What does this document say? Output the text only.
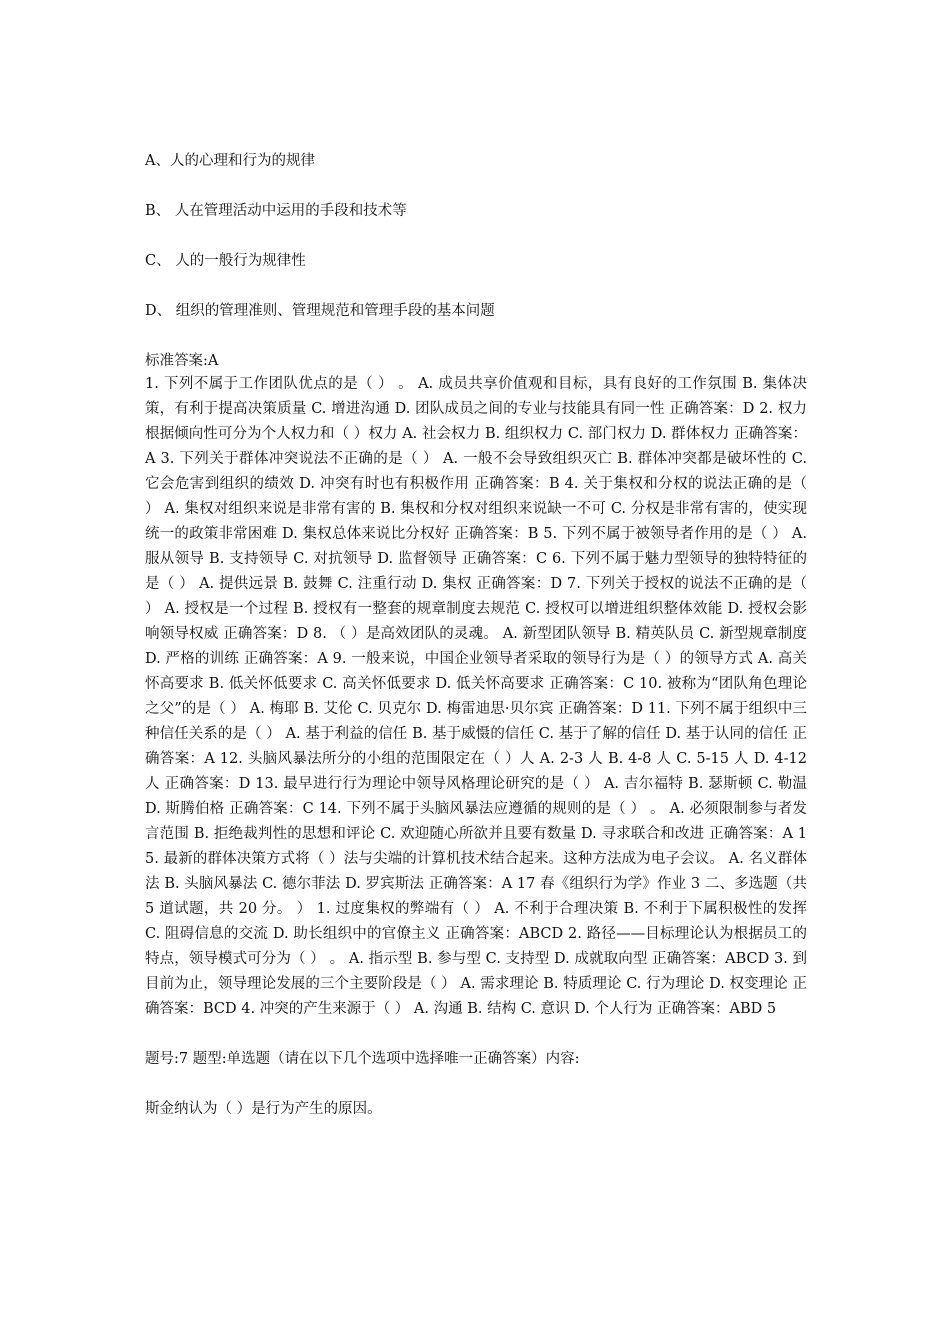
A、人的心理和行为的规律

B、 人在管理活动中运用的手段和技术等

C、 人的一般行为规律性

D、 组织的管理准则、管理规范和管理手段的基本问题

标准答案:A

1. 下列不属于工作团队优点的是（ ） 。 A. 成员共享价值观和目标，具有良好的工作氛围 B. 集体决策，有利于提高决策质量 C. 增进沟通 D. 团队成员之间的专业与技能具有同一性 正确答案：D 2. 权力根据倾向性可分为个人权力和（ ）权力 A. 社会权力 B. 组织权力 C. 部门权力 D. 群体权力 正确答案：A 3. 下列关于群体冲突说法不正确的是（ ） A. 一般不会导致组织灭亡 B. 群体冲突都是破坏性的 C. 它会危害到组织的绩效 D. 冲突有时也有积极作用 正确答案：B 4. 关于集权和分权的说法正确的是（ ） A. 集权对组织来说是非常有害的 B. 集权和分权对组织来说缺一不可 C. 分权是非常有害的，使实现统一的政策非常困难 D. 集权总体来说比分权好 正确答案：B 5. 下列不属于被领导者作用的是（ ） A. 服从领导 B. 支持领导 C. 对抗领导 D. 监督领导 正确答案：C 6. 下列不属于魅力型领导的独特特征的是（ ） A. 提供远景 B. 鼓舞 C. 注重行动 D. 集权 正确答案：D 7. 下列关于授权的说法不正确的是（ ） A. 授权是一个过程 B. 授权有一整套的规章制度去规范 C. 授权可以增进组织整体效能 D. 授权会影响领导权威 正确答案：D 8. （ ）是高效团队的灵魂。 A. 新型团队领导 B. 精英队员 C. 新型规章制度 D. 严格的训练 正确答案：A 9. 一般来说，中国企业领导者采取的领导行为是（ ）的领导方式 A. 高关怀高要求 B. 低关怀低要求 C. 高关怀低要求 D. 低关怀高要求 正确答案：C 10. 被称为“团队角色理论之父”的是（ ） A. 梅耶 B. 艾伦 C. 贝克尔 D. 梅雷迪思·贝尔宾 正确答案：D 11. 下列不属于组织中三种信任关系的是（ ） A. 基于利益的信任 B. 基于威慑的信任 C. 基于了解的信任 D. 基于认同的信任 正确答案：A 12. 头脑风暴法所分的小组的范围限定在（ ）人 A. 2-3 人 B. 4-8 人 C. 5-15 人 D. 4-12 人 正确答案：D 13. 最早进行行为理论中领导风格理论研究的是（ ） A. 吉尔福特 B. 瑟斯顿 C. 勒温 D. 斯腾伯格 正确答案：C 14. 下列不属于头脑风暴法应遵循的规则的是（ ） 。 A. 必须限制参与者发言范围 B. 拒绝裁判性的思想和评论 C. 欢迎随心所欲并且要有数量 D. 寻求联合和改进 正确答案：A 15. 最新的群体决策方式将（ ）法与尖端的计算机技术结合起来。这种方法成为电子会议。 A. 名义群体法 B. 头脑风暴法 C. 德尔菲法 D. 罗宾斯法 正确答案：A 17 春《组织行为学》作业 3 二、多选题（共 5 道试题，共 20 分。 ） 1. 过度集权的弊端有（ ） A. 不利于合理决策 B. 不利于下属积极性的发挥 C. 阻碍信息的交流 D. 助长组织中的官僚主义 正确答案：ABCD 2. 路径——目标理论认为根据员工的特点，领导模式可分为（ ） 。 A. 指示型 B. 参与型 C. 支持型 D. 成就取向型 正确答案：ABCD 3. 到目前为止，领导理论发展的三个主要阶段是（ ） A. 需求理论 B. 特质理论 C. 行为理论 D. 权变理论 正确答案：BCD 4. 冲突的产生来源于（ ） A. 沟通 B. 结构 C. 意识 D. 个人行为 正确答案：ABD 5

题号:7 题型:单选题（请在以下几个选项中选择唯一正确答案）内容:

斯金纳认为（ ）是行为产生的原因。
